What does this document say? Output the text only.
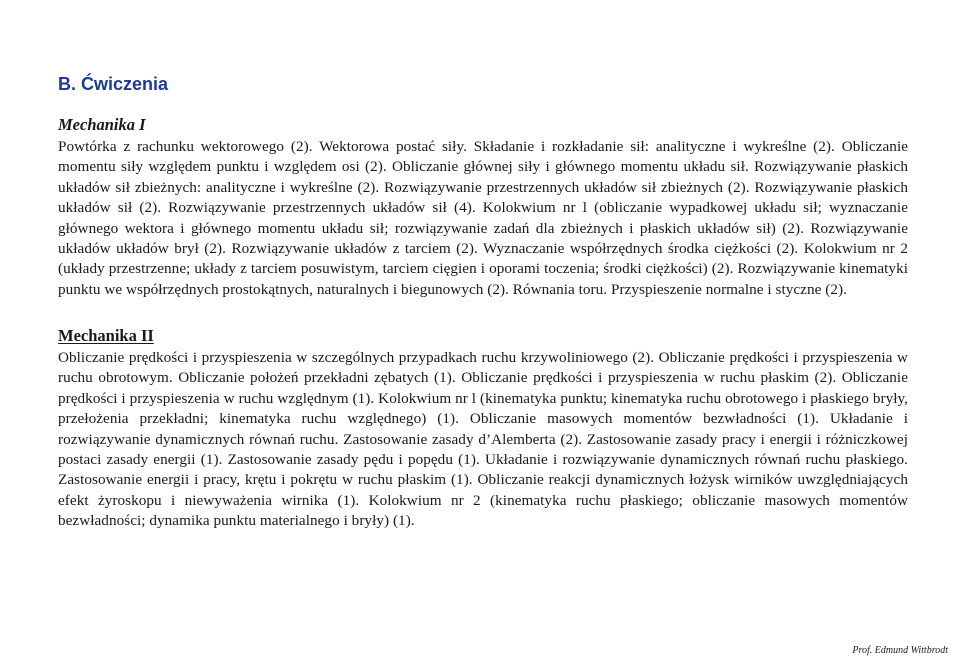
B. Ćwiczenia
Mechanika I

Powtórka z rachunku wektorowego (2). Wektorowa postać siły. Składanie i rozkładanie sił: analityczne i wykreślne (2). Obliczanie momentu siły względem punktu i względem osi (2). Obliczanie głównej siły i głównego momentu układu sił. Rozwiązywanie płaskich układów sił zbieżnych: analityczne i wykreślne (2). Rozwiązywanie przestrzennych układów sił zbieżnych (2). Rozwiązywanie płaskich układów sił (2). Rozwiązywanie przestrzennych układów sił (4). Kolokwium nr l (obliczanie wypadkowej układu sił; wyznaczanie głównego wektora i głównego momentu układu sił; rozwiązywanie zadań dla zbieżnych i płaskich układów sił) (2). Rozwiązywanie układów układów brył (2). Rozwiązywanie układów z tarciem (2). Wyznaczanie współrzędnych środka ciężkości (2). Kolokwium nr 2 (układy przestrzenne; układy z tarciem posuwistym, tarciem cięgien i oporami toczenia; środki ciężkości) (2). Rozwiązywanie kinematyki punktu we współrzędnych prostokątnych, naturalnych i biegunowych (2). Równania toru. Przyspieszenie normalne i styczne (2).

Mechanika II

Obliczanie prędkości i przyspieszenia w szczególnych przypadkach ruchu krzywoliniowego (2). Obliczanie prędkości i przyspieszenia w ruchu obrotowym. Obliczanie położeń przekładni zębatych (1). Obliczanie prędkości i przyspieszenia w ruchu płaskim (2). Obliczanie prędkości i przyspieszenia w ruchu względnym (1). Kolokwium nr l (kinematyka punktu; kinematyka ruchu obrotowego i płaskiego bryły, przełożenia przekładni; kinematyka ruchu względnego) (1). Obliczanie masowych momentów bezwładności (1). Układanie i rozwiązywanie dynamicznych równań ruchu. Zastosowanie zasady d’Alemberta (2). Zastosowanie zasady pracy i energii i różniczkowej postaci zasady energii (1). Zastosowanie zasady pędu i popędu (1). Układanie i rozwiązywanie dynamicznych równań ruchu płaskiego. Zastosowanie energii i pracy, krętu i pokrętu w ruchu płaskim (1). Obliczanie reakcji dynamicznych łożysk wirników uwzględniających efekt żyroskopu i niewyważenia wirnika (1). Kolokwium nr 2 (kinematyka ruchu płaskiego; obliczanie masowych momentów bezwładności; dynamika punktu materialnego i bryły) (1).

Prof. Edmund Wittbrodt
